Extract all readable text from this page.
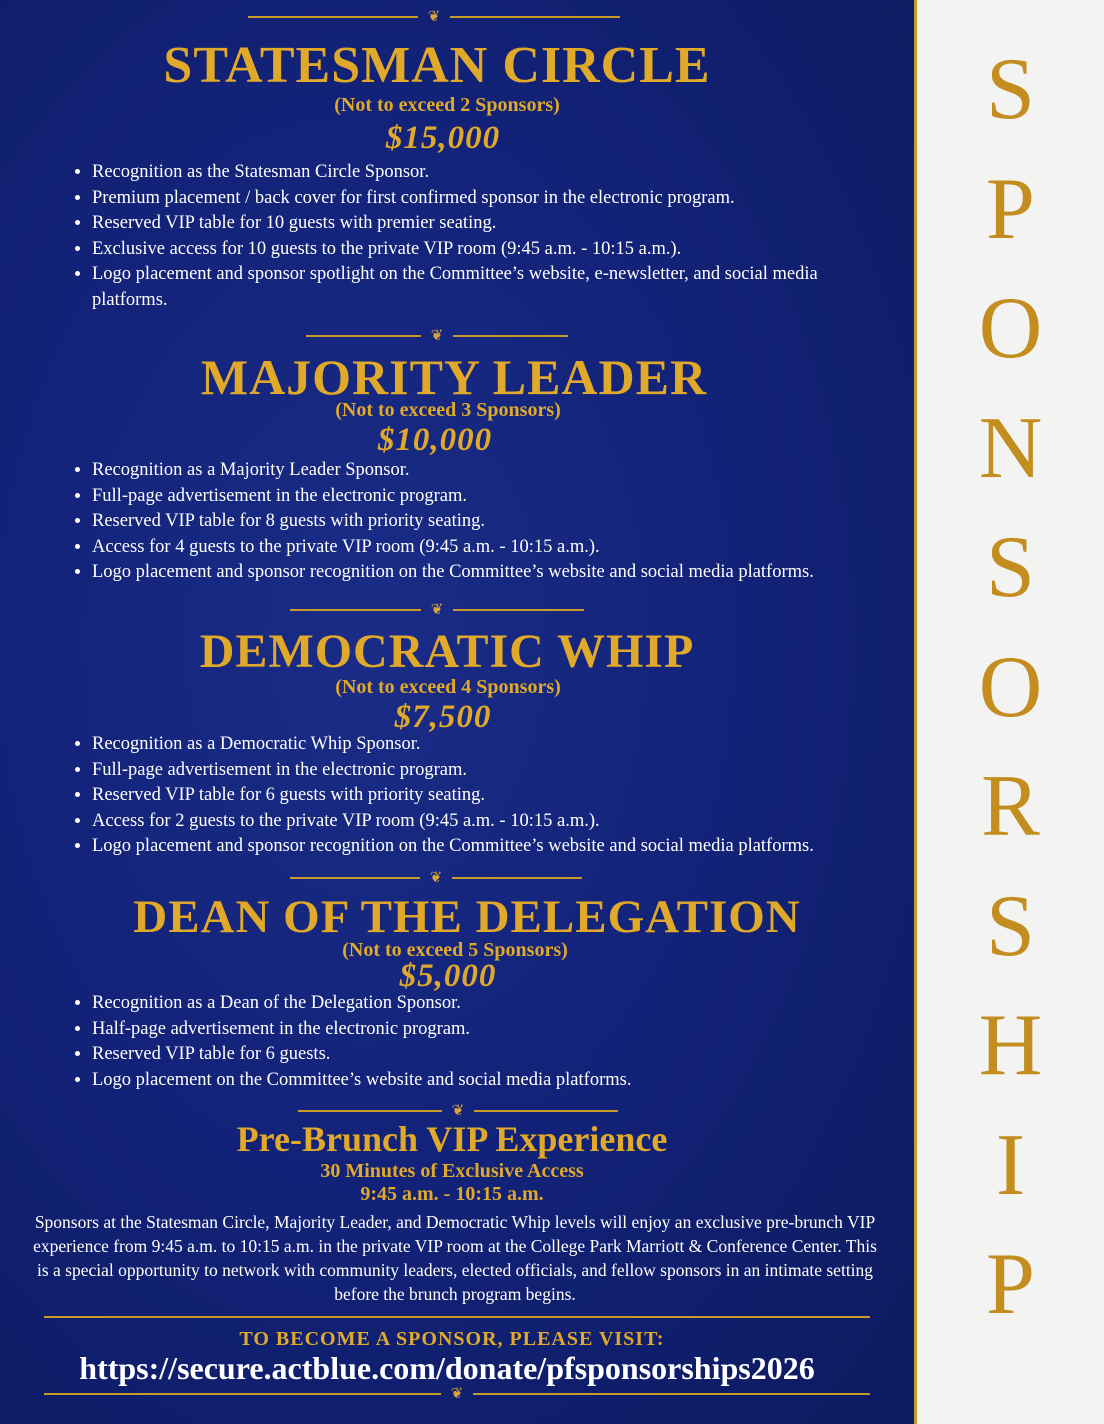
❦
STATESMAN CIRCLE
(Not to exceed 2 Sponsors)
$15,000
• Recognition as the Statesman Circle Sponsor.
• Premium placement / back cover for first confirmed sponsor in the electronic program.
• Reserved VIP table for 10 guests with premier seating.
• Exclusive access for 10 guests to the private VIP room (9:45 a.m. - 10:15 a.m.).
• Logo placement and sponsor spotlight on the Committee’s website, e-newsletter, and social media platforms.
❦
MAJORITY LEADER
(Not to exceed 3 Sponsors)
$10,000
• Recognition as a Majority Leader Sponsor.
• Full-page advertisement in the electronic program.
• Reserved VIP table for 8 guests with priority seating.
• Access for 4 guests to the private VIP room (9:45 a.m. - 10:15 a.m.).
• Logo placement and sponsor recognition on the Committee’s website and social media platforms.
❦
DEMOCRATIC WHIP
(Not to exceed 4 Sponsors)
$7,500
• Recognition as a Democratic Whip Sponsor.
• Full-page advertisement in the electronic program.
• Reserved VIP table for 6 guests with priority seating.
• Access for 2 guests to the private VIP room (9:45 a.m. - 10:15 a.m.).
• Logo placement and sponsor recognition on the Committee’s website and social media platforms.
❦
DEAN OF THE DELEGATION
(Not to exceed 5 Sponsors)
$5,000
• Recognition as a Dean of the Delegation Sponsor.
• Half-page advertisement in the electronic program.
• Reserved VIP table for 6 guests.
• Logo placement on the Committee’s website and social media platforms.
❦
Pre-Brunch VIP Experience
30 Minutes of Exclusive Access
9:45 a.m. - 10:15 a.m.

Sponsors at the Statesman Circle, Majority Leader, and Democratic Whip levels will enjoy an exclusive pre-brunch VIP experience from 9:45 a.m. to 10:15 a.m. in the private VIP room at the College Park Marriott & Conference Center. This is a special opportunity to network with community leaders, elected officials, and fellow sponsors in an intimate setting before the brunch program begins.

TO BECOME A SPONSOR, PLEASE VISIT:
https://secure.actblue.com/donate/pfsponsorships2026
❦
S
P
O
N
S
O
R
S
H
I
P
